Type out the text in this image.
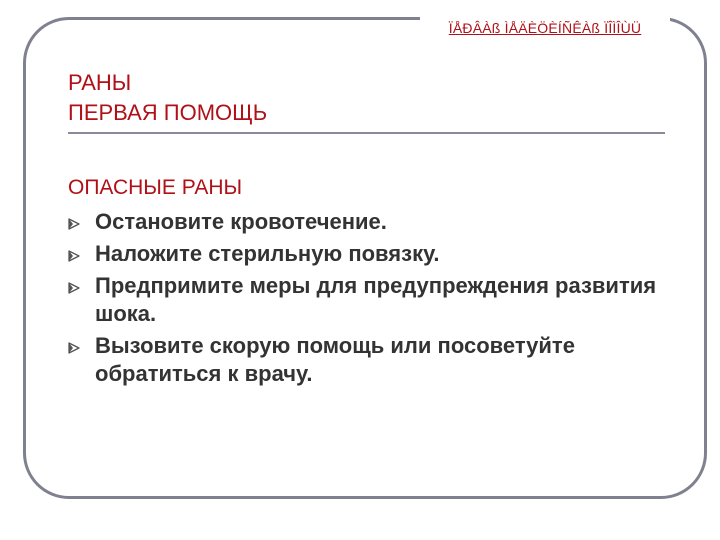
ÏÅÐÂÀß ÌÅÄÈÖÈÍÑÊÀß ÏÎÌÎÙÜ
РАНЫ
ПЕРВАЯ ПОМОЩЬ
ОПАСНЫЕ РАНЫ
Остановите кровотечение.
Наложите стерильную повязку.
Предпримите меры для предупреждения развития шока.
Вызовите скорую помощь или посоветуйте обратиться к врачу.
